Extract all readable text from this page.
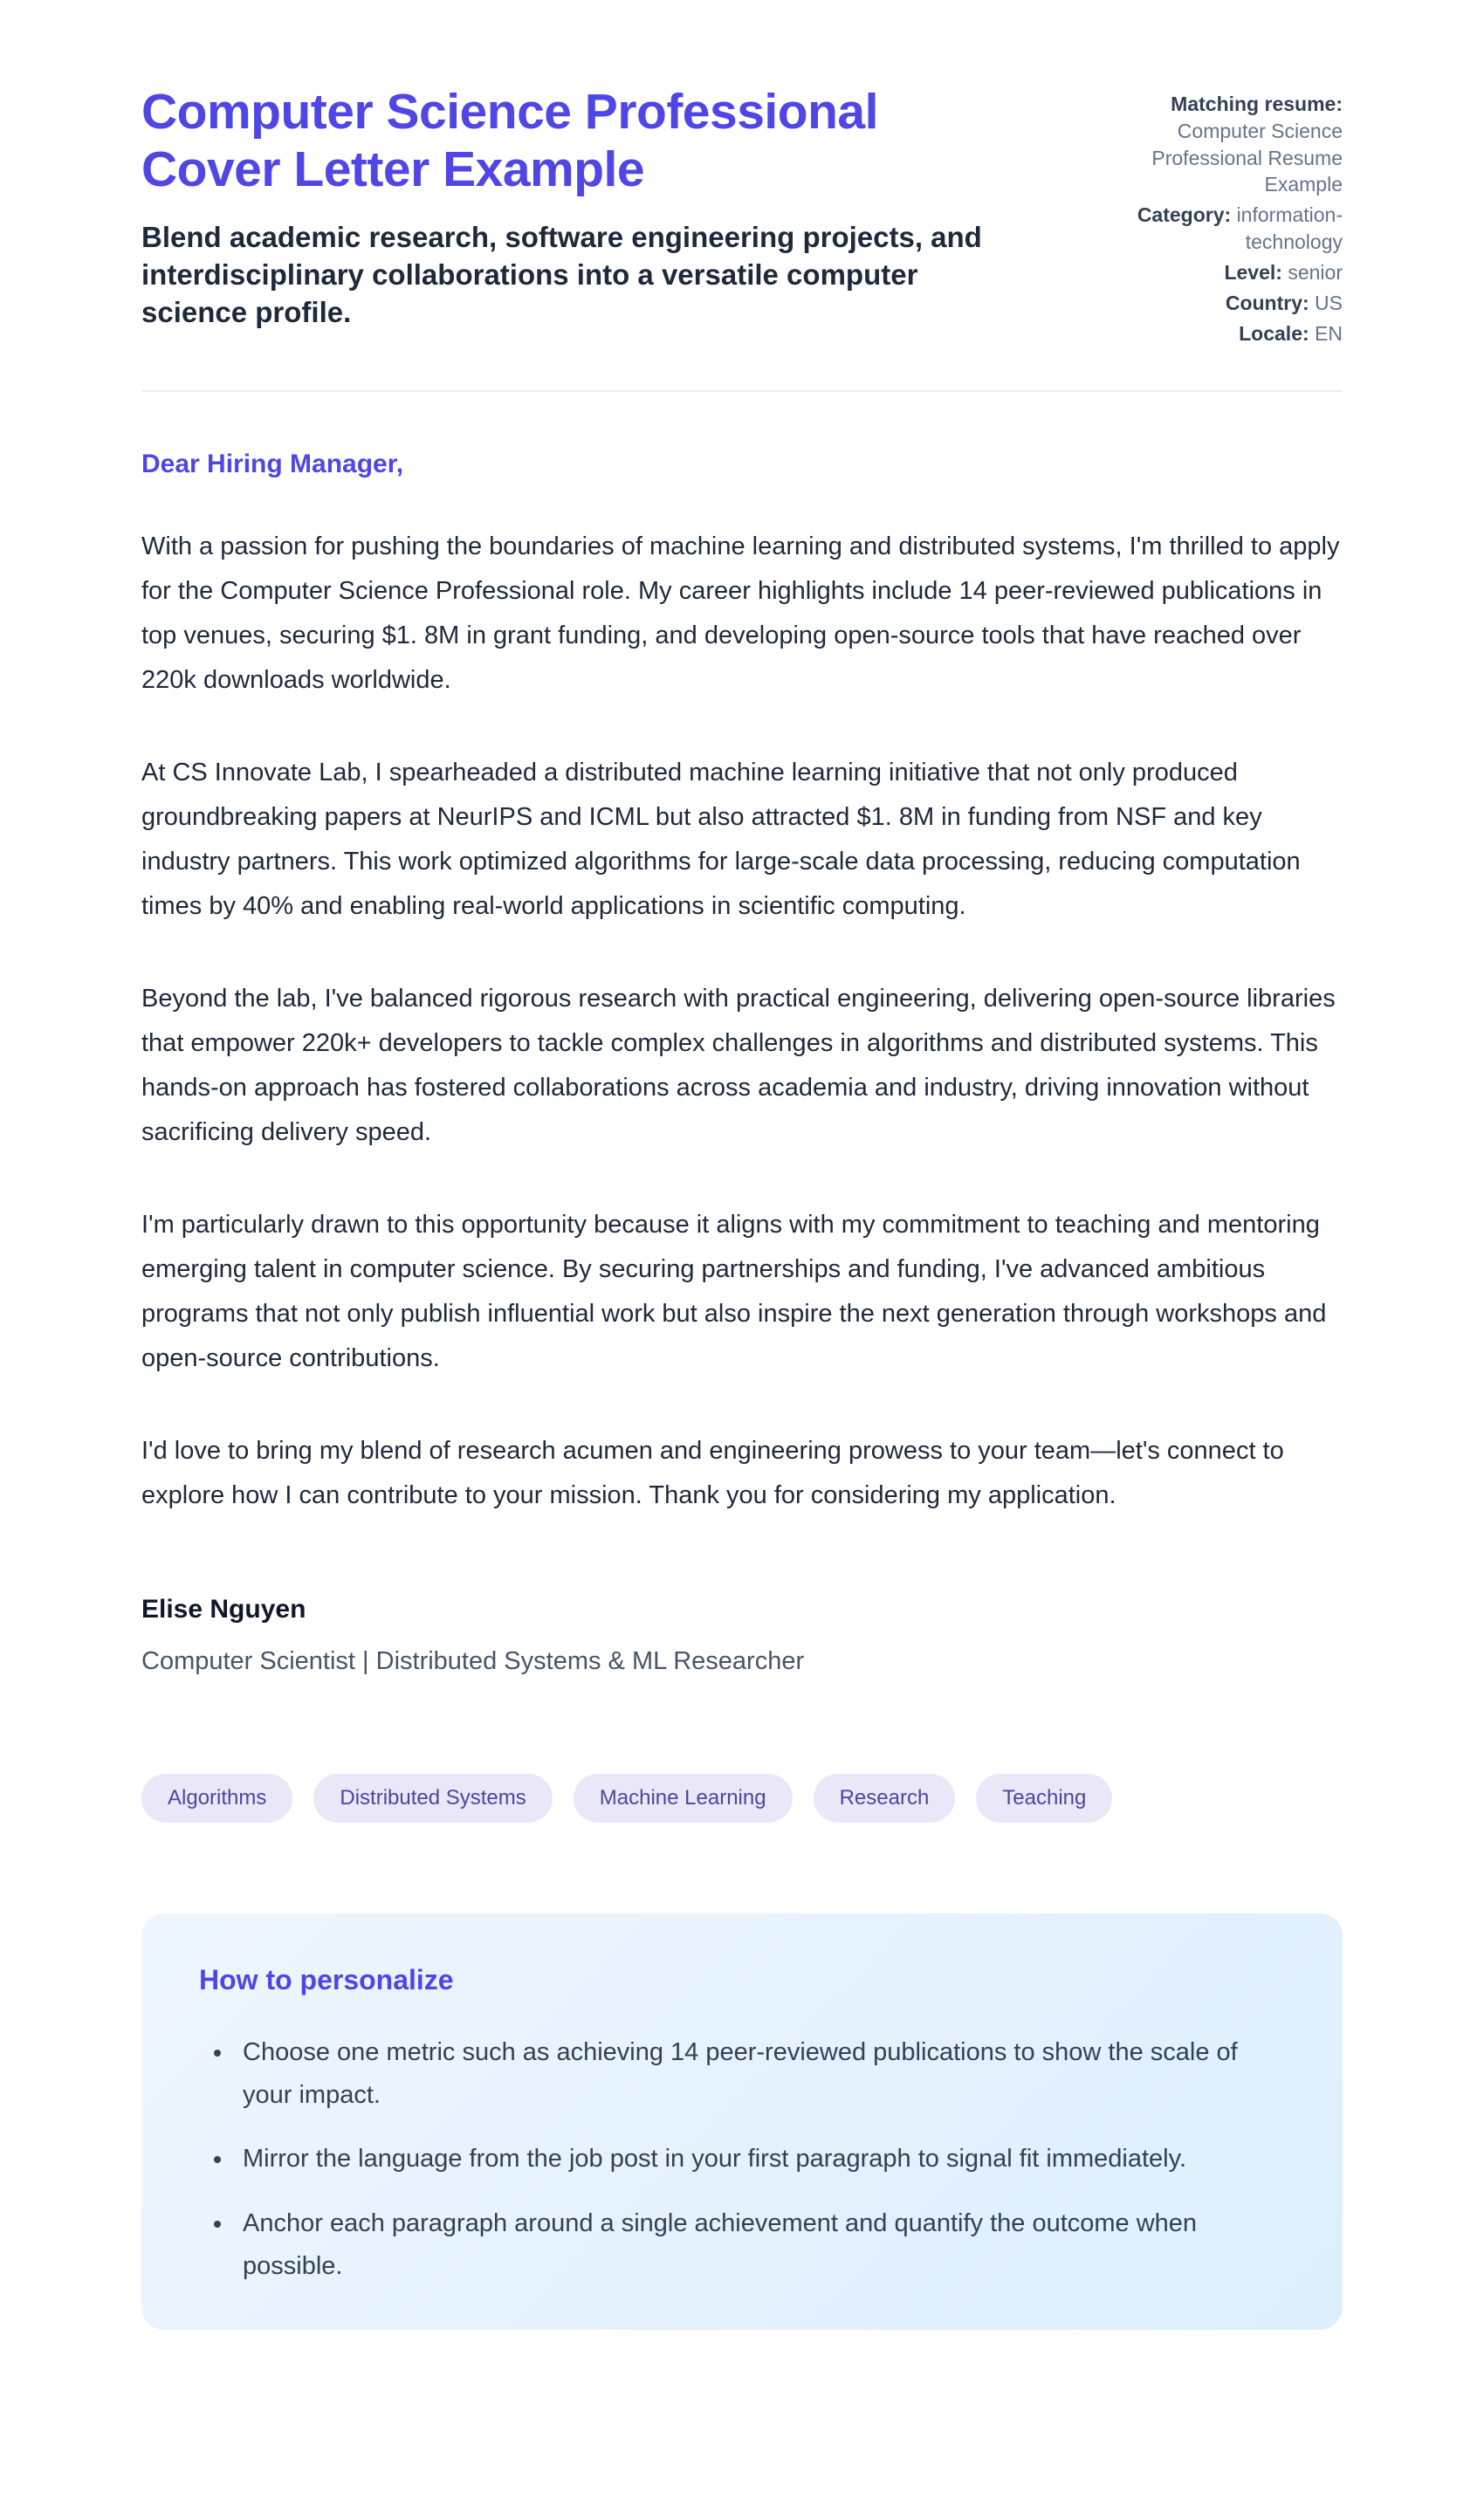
Computer Science Professional Cover Letter Example

Blend academic research, software engineering projects, and interdisciplinary collaborations into a versatile computer science profile.

Matching resume:
Computer Science Professional Resume Example
Category: information-technology
Level: senior
Country: US
Locale: EN

Dear Hiring Manager,

With a passion for pushing the boundaries of machine learning and distributed systems, I'm thrilled to apply for the Computer Science Professional role. My career highlights include 14 peer-reviewed publications in top venues, securing $1. 8M in grant funding, and developing open-source tools that have reached over 220k downloads worldwide.

At CS Innovate Lab, I spearheaded a distributed machine learning initiative that not only produced groundbreaking papers at NeurIPS and ICML but also attracted $1. 8M in funding from NSF and key industry partners. This work optimized algorithms for large-scale data processing, reducing computation times by 40% and enabling real-world applications in scientific computing.

Beyond the lab, I've balanced rigorous research with practical engineering, delivering open-source libraries that empower 220k+ developers to tackle complex challenges in algorithms and distributed systems. This hands-on approach has fostered collaborations across academia and industry, driving innovation without sacrificing delivery speed.

I'm particularly drawn to this opportunity because it aligns with my commitment to teaching and mentoring emerging talent in computer science. By securing partnerships and funding, I've advanced ambitious programs that not only publish influential work but also inspire the next generation through workshops and open-source contributions.

I'd love to bring my blend of research acumen and engineering prowess to your team—let's connect to explore how I can contribute to your mission. Thank you for considering my application.

Elise Nguyen

Computer Scientist | Distributed Systems & ML Researcher

Algorithms	Distributed Systems	Machine Learning	Research	Teaching
How to personalize
• Choose one metric such as achieving 14 peer-reviewed publications to show the scale of your impact.
• Mirror the language from the job post in your first paragraph to signal fit immediately.
• Anchor each paragraph around a single achievement and quantify the outcome when possible.
